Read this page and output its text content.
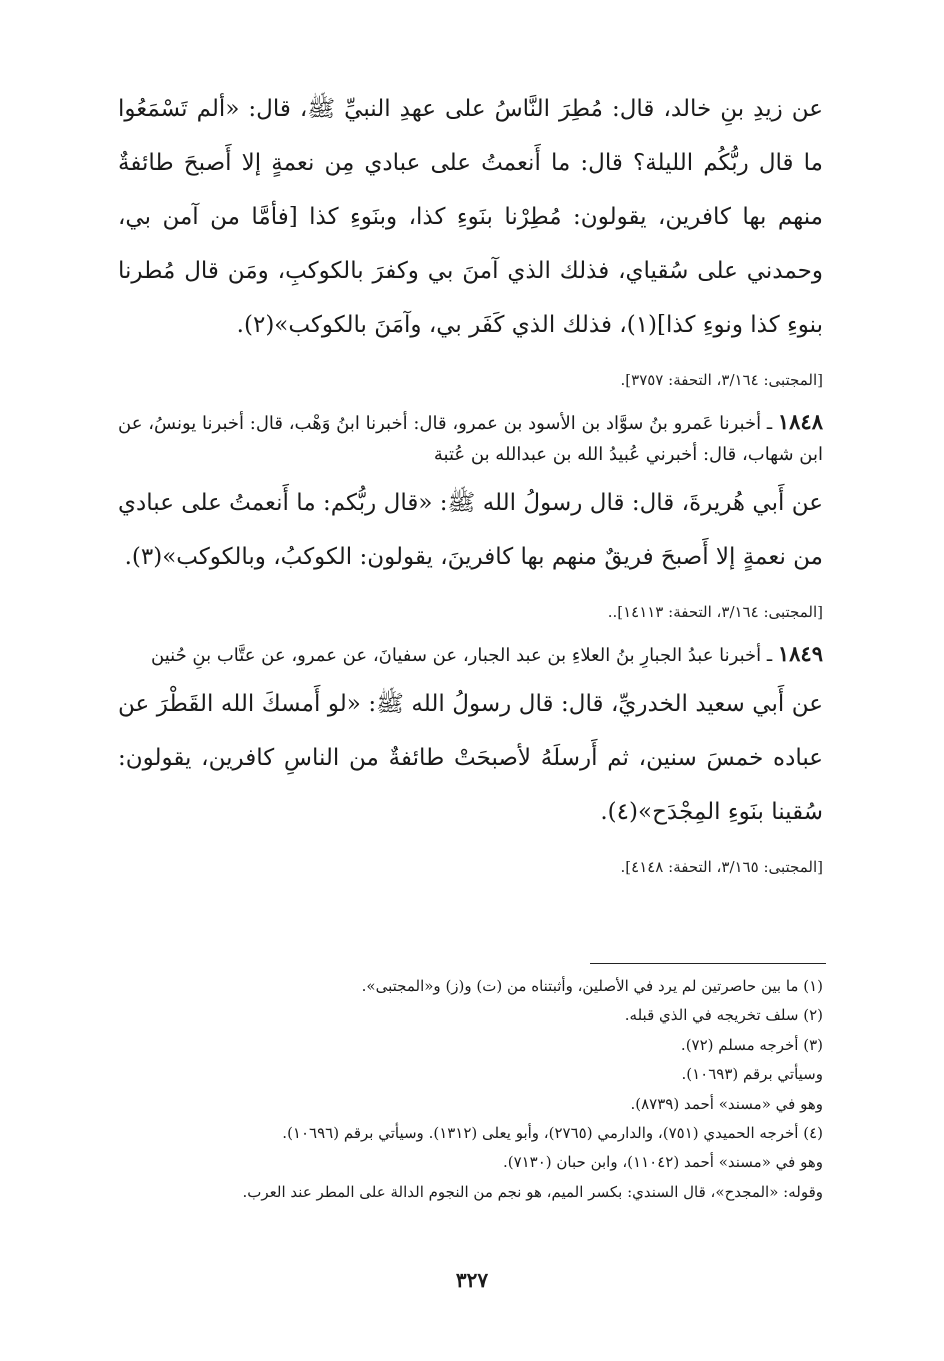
عن زيدِ بنِ خالد، قال: مُطِرَ النَّاسُ على عهدِ النبيِّ ﷺ، قال: «ألم تَسْمَعُوا ما قال ربُّكُم الليلة؟ قال: ما أَنعمتُ على عبادي مِن نعمةٍ إلا أَصبحَ طائفةٌ منهم بها كافرين، يقولون: مُطِرْنا بنَوءِ كذا، وبنَوءِ كذا [فأمَّا من آمن بي، وحمدني على سُقياي، فذلك الذي آمنَ بي وكفرَ بالكوكبِ، ومَن قال مُطرنا بنوءِ كذا ونوءِ كذا](١)، فذلك الذي كَفَر بي، وآمَنَ بالكوكب»(٢).

[المجتبى: ٣/١٦٤، التحفة: ٣٧٥٧].

١٨٤٨ ـ أخبرنا عَمرو بنُ سوَّاد بن الأسود بن عمرو، قال: أخبرنا ابنُ وَهْب، قال: أخبرنا يونسُ، عن ابن شهاب، قال: أخبرني عُبيدُ الله بن عبدالله بن عُتبة

عن أَبي هُريرةَ، قال: قال رسولُ الله ﷺ: «قال ربُّكم: ما أَنعمتُ على عبادي من نعمةٍ إلا أَصبحَ فريقٌ منهم بها كافرينَ، يقولون: الكوكبُ، وبالكوكب»(٣).

[المجتبى: ٣/١٦٤، التحفة: ١٤١١٣]..

١٨٤٩ ـ أخبرنا عبدُ الجبارِ بنُ العلاءِ بن عبد الجبار، عن سفيانَ، عن عمرو، عن عتَّاب بنِ حُنين

عن أَبي سعيد الخدريِّ، قال: قال رسولُ الله ﷺ: «لو أَمسكَ الله القَطْرَ عن عباده خمسَ سنين، ثم أَرسلَهُ لأصبحَتْ طائفةٌ من الناسِ كافرين، يقولون: سُقينا بنَوءِ المِجْدَح»(٤).

[المجتبى: ٣/١٦٥، التحفة: ٤١٤٨].

(١) ما بين حاصرتين لم يرد في الأصلين، وأثبتناه من (ت) و(ز) و«المجتبى».

(٢) سلف تخريجه في الذي قبله.

(٣) أخرجه مسلم (٧٢).

وسيأتي برقم (١٠٦٩٣).

وهو في «مسند» أحمد (٨٧٣٩).

(٤) أخرجه الحميدي (٧٥١)، والدارمي (٢٧٦٥)، وأبو يعلى (١٣١٢). وسيأتي برقم (١٠٦٩٦).

وهو في «مسند» أحمد (١١٠٤٢)، وابن حبان (٧١٣٠).

وقوله: «المجدح»، قال السندي: بكسر الميم، هو نجم من النجوم الدالة على المطر عند العرب.

٣٢٧
